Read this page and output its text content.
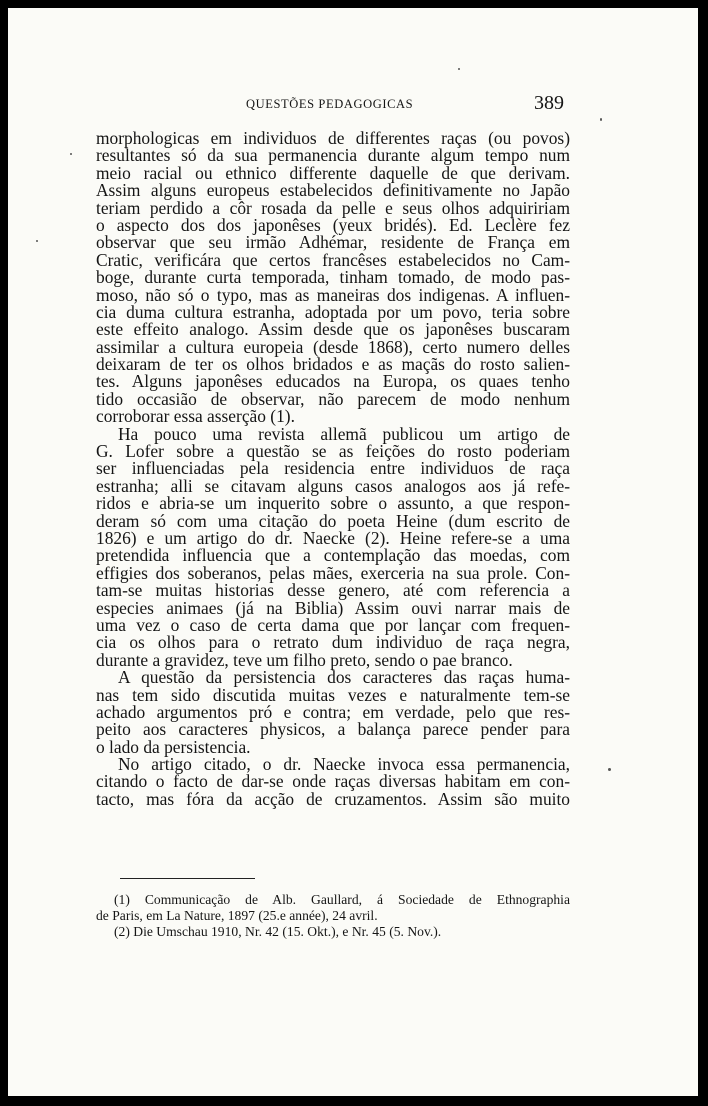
QUESTÕES PEDAGOGICAS	389
morphologicas em individuos de differentes raças (ou povos)
resultantes só da sua permanencia durante algum tempo num
meio racial ou ethnico differente daquelle de que derivam.
Assim alguns europeus estabelecidos definitivamente no Japão
teriam perdido a côr rosada da pelle e seus olhos adquiririam
o aspecto dos dos japonêses (yeux bridés). Ed. Leclère fez
observar que seu irmão Adhémar, residente de França em
Cratic, verificára que certos francêses estabelecidos no Cam-
boge, durante curta temporada, tinham tomado, de modo pas-
moso, não só o typo, mas as maneiras dos indigenas. A influen-
cia duma cultura estranha, adoptada por um povo, teria sobre
este effeito analogo. Assim desde que os japonêses buscaram
assimilar a cultura europeia (desde 1868), certo numero delles
deixaram de ter os olhos bridados e as maçãs do rosto salien-
tes. Alguns japonêses educados na Europa, os quaes tenho
tido occasião de observar, não parecem de modo nenhum
corroborar essa asserção (1).
Ha pouco uma revista allemã publicou um artigo de
G. Lofer sobre a questão se as feições do rosto poderiam
ser influenciadas pela residencia entre individuos de raça
estranha; alli se citavam alguns casos analogos aos já refe-
ridos e abria-se um inquerito sobre o assunto, a que respon-
deram só com uma citação do poeta Heine (dum escrito de
1826) e um artigo do dr. Naecke (2). Heine refere-se a uma
pretendida influencia que a contemplação das moedas, com
effigies dos soberanos, pelas mães, exerceria na sua prole. Con-
tam-se muitas historias desse genero, até com referencia a
especies animaes (já na Biblia) Assim ouvi narrar mais de
uma vez o caso de certa dama que por lançar com frequen-
cia os olhos para o retrato dum individuo de raça negra,
durante a gravidez, teve um filho preto, sendo o pae branco.
A questão da persistencia dos caracteres das raças huma-
nas tem sido discutida muitas vezes e naturalmente tem-se
achado argumentos pró e contra; em verdade, pelo que res-
peito aos caracteres physicos, a balança parece pender para
o lado da persistencia.
No artigo citado, o dr. Naecke invoca essa permanencia,
citando o facto de dar-se onde raças diversas habitam em con-
tacto, mas fóra da acção de cruzamentos. Assim são muito
(1) Communicação de Alb. Gaullard, á Sociedade de Ethnographia
de Paris, em La Nature, 1897 (25.e année), 24 avril.
(2) Die Umschau 1910, Nr. 42 (15. Okt.), e Nr. 45 (5. Nov.).
